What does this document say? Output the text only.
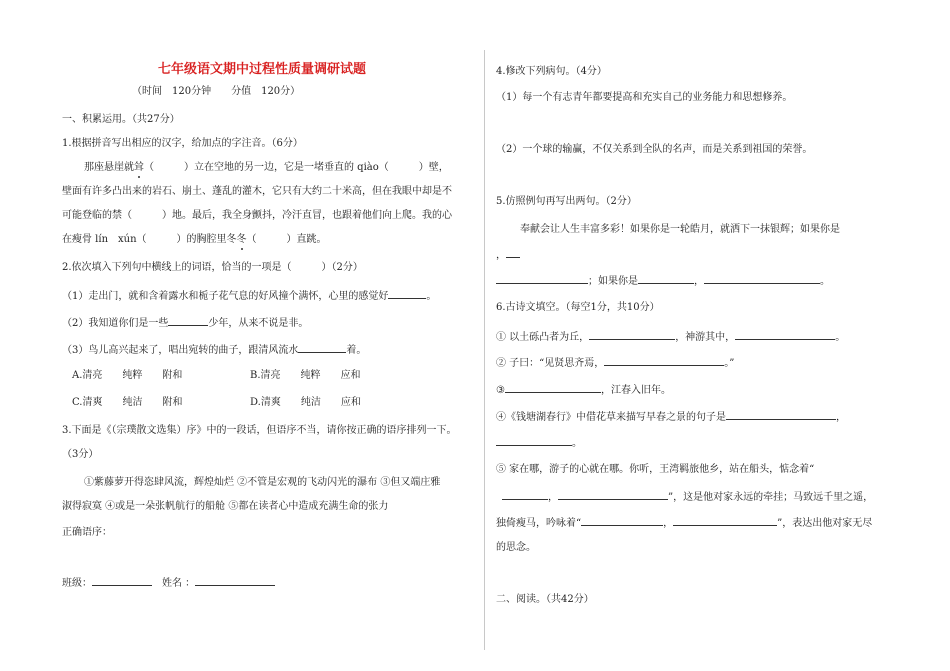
七年级语文期中过程性质量调研试题
（时间　120分钟　　分值　120分）
一、积累运用。（共27分）
1.根据拼音写出相应的汉字，给加点的字注音。（6分）
那座悬崖就耸（　　　）立在空地的另一边，它是一堵垂直的 qiào（　　　）壁，
壁面有许多凸出来的岩石、崩土、蓬乱的灌木，它只有大约二十米高，但在我眼中却是不
可能登临的禁（　　　）地。最后，我全身颤抖，冷汗直冒，也跟着他们向上爬。我的心
在瘦骨 lín　xún（　　　）的胸腔里冬冬（　　　）直跳。
2.依次填入下列句中横线上的词语，恰当的一项是（　　　）（2分）
（1）走出门，就和含着露水和栀子花气息的好风撞个满怀，心里的感觉好	。
（2）我知道你们是一些	少年，从来不说是非。
（3）鸟儿高兴起来了，唱出宛转的曲子，跟清风流水	着。
A.清亮　　纯粹　　附和	B.清亮　　纯粹　　应和
C.清爽　　纯洁　　附和	D.清爽　　纯洁　　应和
3.下面是《（宗璞散文选集）序》中的一段话，但语序不当，请你按正确的语序排列一下。
（3分）
①紫藤萝开得恣肆风流，辉煌灿烂 ②不管是宏观的飞动闪光的瀑布 ③但又端庄雅
淑得寂寞 ④或是一朵张帆航行的船舱 ⑤都在读者心中造成充满生命的张力
正确语序：
班级：	姓名 ：
4.修改下列病句。（4分）
（1）每一个有志青年都要提高和充实自己的业务能力和思想修养。
（2）一个球的输赢，不仅关系到全队的名声，而是关系到祖国的荣誉。
5.仿照例句再写出两句。（2分）
奉献会让人生丰富多彩！如果你是一轮皓月，就洒下一抹银辉；如果你是
，
；如果你是	，	。
6.古诗文填空。（每空1分，共10分）
① 以土砾凸者为丘，	，神游其中，	。
② 子曰：“见贤思齐焉，	。”
③	，江春入旧年。
④《钱塘湖春行》中借花草来描写早春之景的句子是	，
。
⑤ 家在哪，游子的心就在哪。你听，王湾羁旅他乡，站在船头，惦念着“
，	”，这是他对家永远的牵挂；马致远千里之遥，
独倚瘦马，吟咏着“	，	”，表达出他对家无尽
的思念。
二、阅读。（共42分）
